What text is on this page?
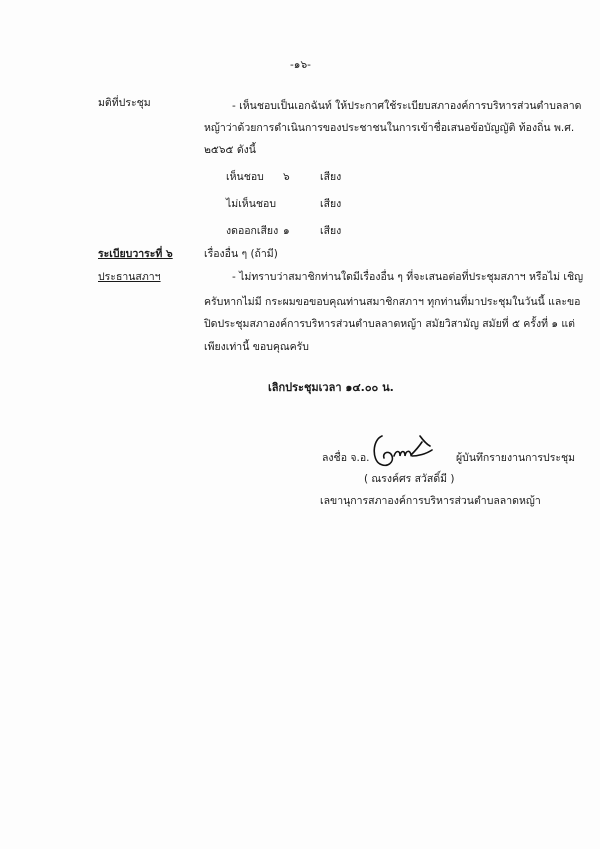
-๑๖-
มติที่ประชุม	- เห็นชอบเป็นเอกฉันท์ ให้ประกาศใช้ระเบียบสภาองค์การบริหารส่วนตำบลลาด
หญ้าว่าด้วยการดำเนินการของประชาชนในการเข้าชื่อเสนอข้อบัญญัติ ท้องถิ่น พ.ศ.
๒๕๖๕ ดังนี้
เห็นชอบ ๖	เสียง
ไม่เห็นชอบ	เสียง
งดออกเสียง ๑	เสียง
ระเบียบวาระที่ ๖	เรื่องอื่น ๆ (ถ้ามี)
ประธานสภาฯ	- ไม่ทราบว่าสมาชิกท่านใดมีเรื่องอื่น ๆ ที่จะเสนอต่อที่ประชุมสภาฯ หรือไม่ เชิญ
ครับหากไม่มี กระผมขอขอบคุณท่านสมาชิกสภาฯ ทุกท่านที่มาประชุมในวันนี้ และขอ
ปิดประชุมสภาองค์การบริหารส่วนตำบลลาดหญ้า สมัยวิสามัญ สมัยที่ ๕ ครั้งที่ ๑ แต่
เพียงเท่านี้ ขอบคุณครับ
เลิกประชุมเวลา ๑๔.๐๐ น.
ลงชื่อ จ.อ.	ผู้บันทึกรายงานการประชุม
( ณรงค์ศร สวัสดิ์มี )
เลขานุการสภาองค์การบริหารส่วนตำบลลาดหญ้า
